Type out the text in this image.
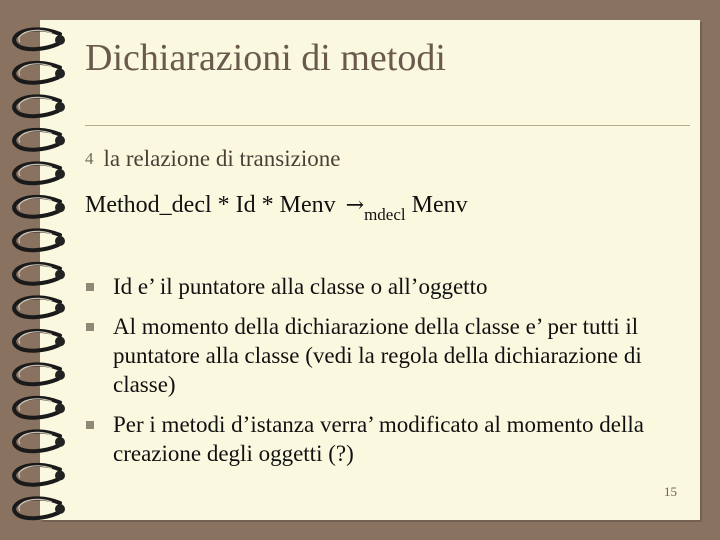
Dichiarazioni di metodi
4 la relazione di transizione
Method_decl * Id * Menv $\to_{mdecl}$ Menv
Id e’ il puntatore alla classe o all’oggetto
Al momento della dichiarazione della classe e’ per tutti il puntatore alla classe (vedi la regola della dichiarazione di classe)
Per i metodi d’istanza verra’ modificato al momento della creazione degli oggetti (?)
15
